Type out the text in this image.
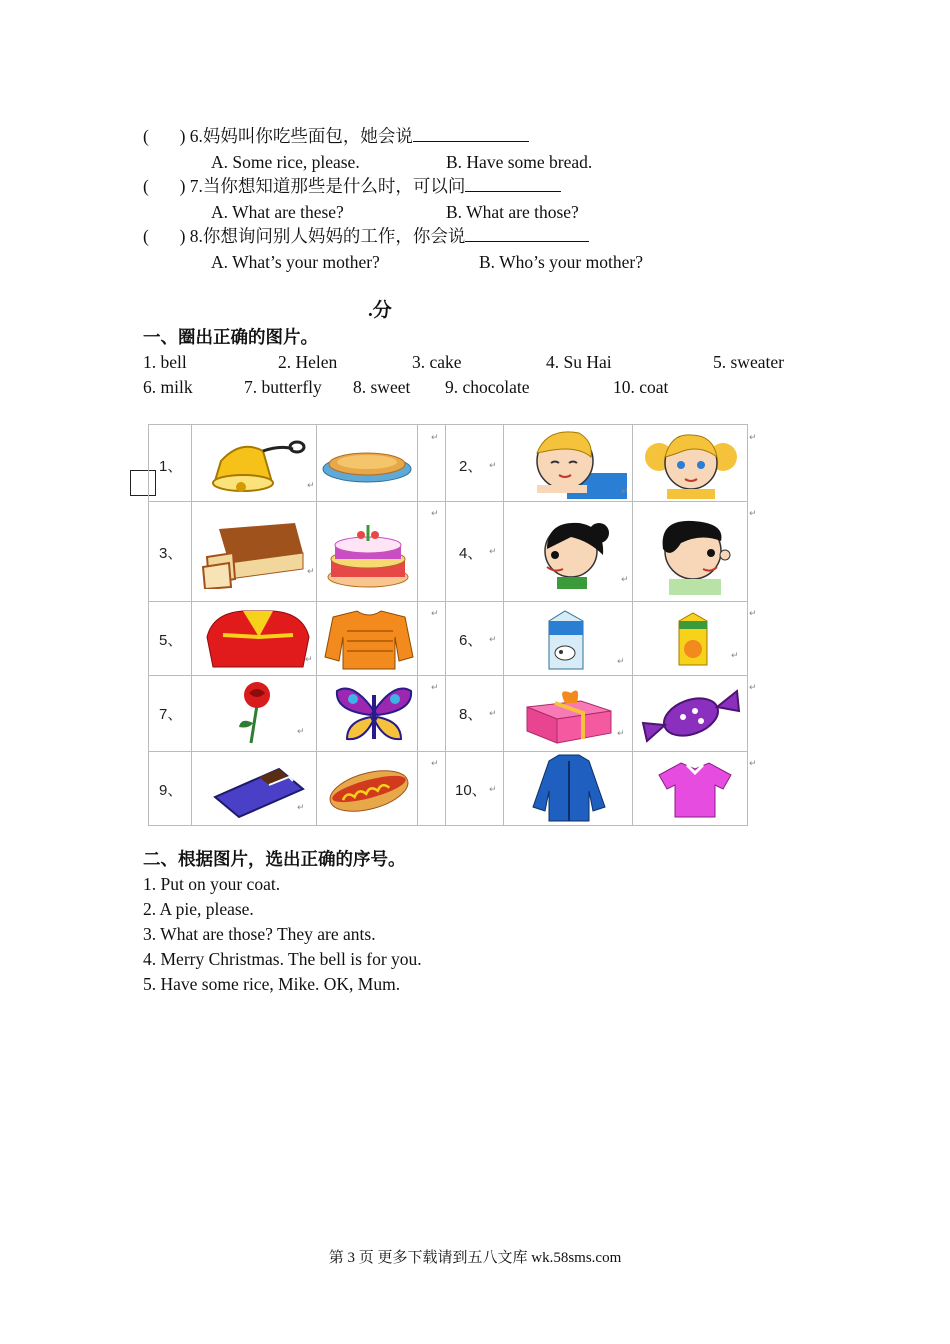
( ) 6.妈妈叫你吃些面包，她会说
A. Some rice, please.	B. Have some bread.
( ) 7.当你想知道那些是什么时，可以问
A. What are these?	B. What are those?
( ) 8.你想询问别人妈妈的工作，你会说
A. What’s your mother?	B. Who’s your mother?
.分
一、圈出正确的图片。
1. bell	2. Helen	3. cake	4. Su Hai	5. sweater
6. milk	7. butterfly 8. sweet 9. chocolate	10. coat
1、	2、
3、	4、
5、	6、
7、	8、
9、	10、
↵
↵
↵
↵
↵
↵
↵
↵
↵
↵
↵
↵
↵
↵
↵
↵
↵
↵
↵
↵
↵
↵
↵
↵
↵
二、根据图片，选出正确的序号。
1. Put on your coat.
2. A pie, please.
3. What are those? They are ants.
4. Merry Christmas. The bell is for you.
5. Have some rice, Mike. OK, Mum.
第 3 页 更多下载请到五八文库 wk.58sms.com
